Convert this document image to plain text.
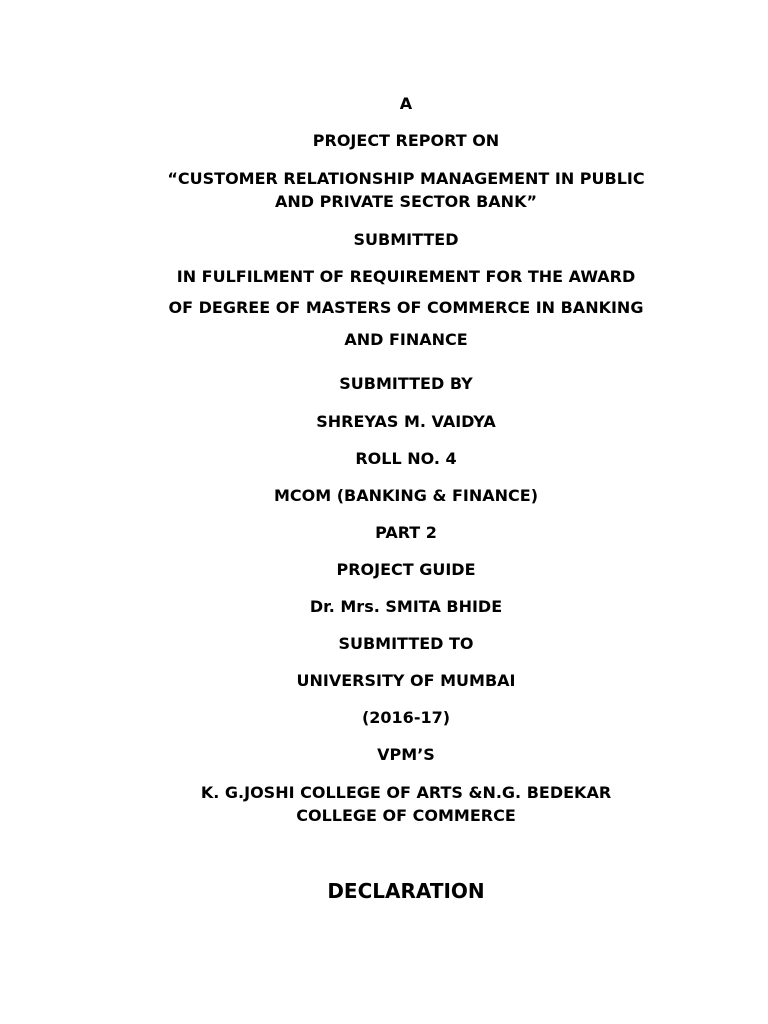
A
PROJECT REPORT ON
“CUSTOMER RELATIONSHIP MANAGEMENT IN PUBLIC
AND PRIVATE SECTOR BANK”
SUBMITTED
IN FULFILMENT OF REQUIREMENT FOR THE AWARD
OF DEGREE OF MASTERS OF COMMERCE IN BANKING
AND FINANCE
SUBMITTED BY
SHREYAS M. VAIDYA
ROLL NO. 4
MCOM (BANKING & FINANCE)
PART 2
PROJECT GUIDE
Dr. Mrs. SMITA BHIDE
SUBMITTED TO
UNIVERSITY OF MUMBAI
(2016-17)
VPM’S
K. G.JOSHI COLLEGE OF ARTS &N.G. BEDEKAR
COLLEGE OF COMMERCE
DECLARATION
